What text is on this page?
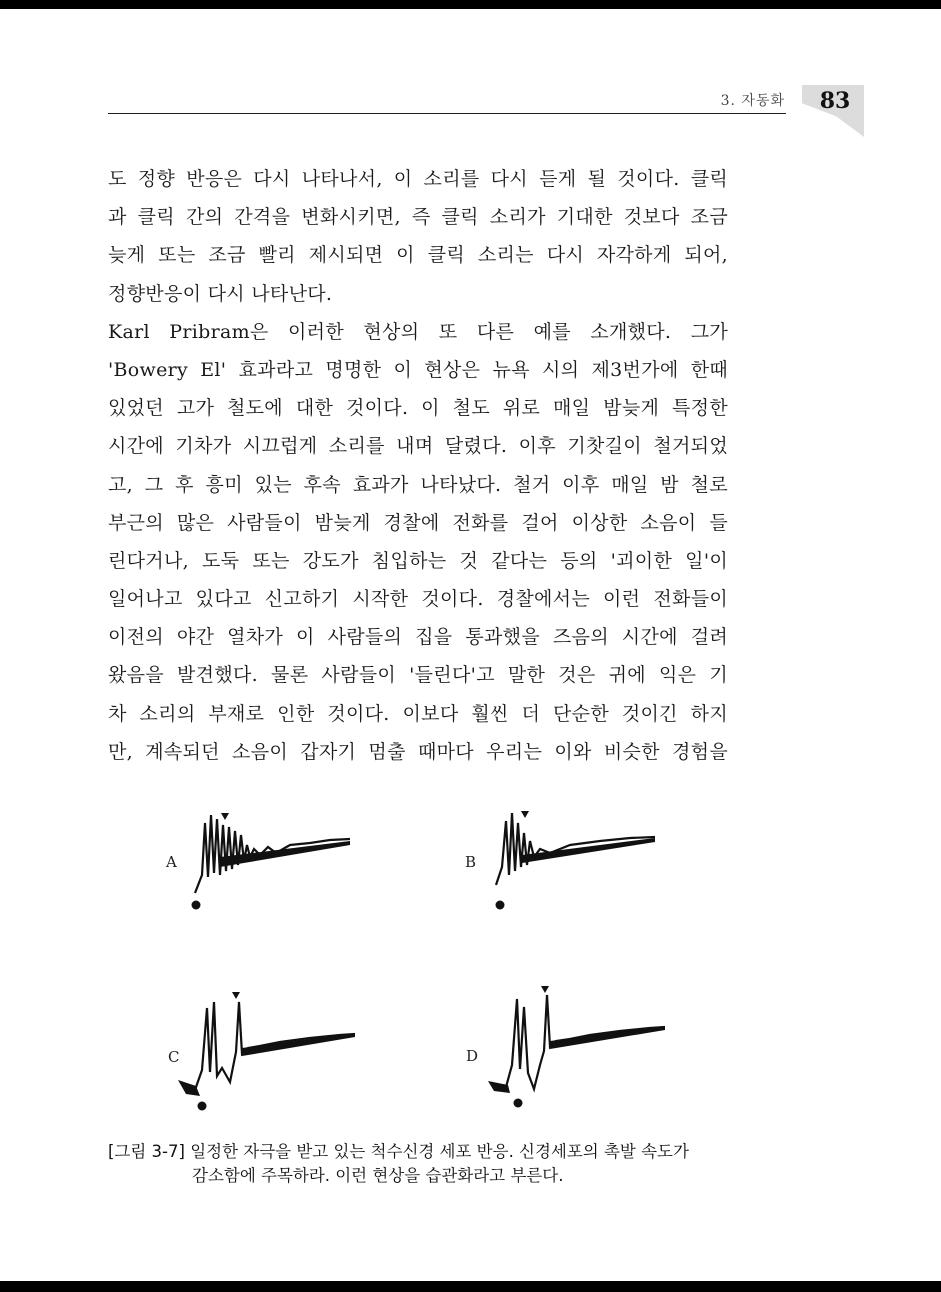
3. 자동화	83
도 정향 반응은 다시 나타나서, 이 소리를 다시 듣게 될 것이다. 클릭
과 클릭 간의 간격을 변화시키면, 즉 클릭 소리가 기대한 것보다 조금
늦게 또는 조금 빨리 제시되면 이 클릭 소리는 다시 자각하게 되어,
정향반응이 다시 나타난다.
Karl Pribram은 이러한 현상의 또 다른 예를 소개했다. 그가
'Bowery El' 효과라고 명명한 이 현상은 뉴욕 시의 제3번가에 한때
있었던 고가 철도에 대한 것이다. 이 철도 위로 매일 밤늦게 특정한
시간에 기차가 시끄럽게 소리를 내며 달렸다. 이후 기찻길이 철거되었
고, 그 후 흥미 있는 후속 효과가 나타났다. 철거 이후 매일 밤 철로
부근의 많은 사람들이 밤늦게 경찰에 전화를 걸어 이상한 소음이 들
린다거나, 도둑 또는 강도가 침입하는 것 같다는 등의 '괴이한 일'이
일어나고 있다고 신고하기 시작한 것이다. 경찰에서는 이런 전화들이
이전의 야간 열차가 이 사람들의 집을 통과했을 즈음의 시간에 걸려
왔음을 발견했다. 물론 사람들이 '들린다'고 말한 것은 귀에 익은 기
차 소리의 부재로 인한 것이다. 이보다 훨씬 더 단순한 것이긴 하지
만, 계속되던 소음이 갑자기 멈출 때마다 우리는 이와 비슷한 경험을
A	B
C	D
[그림 3-7] 일정한 자극을 받고 있는 척수신경 세포 반응. 신경세포의 촉발 속도가
감소함에 주목하라. 이런 현상을 습관화라고 부른다.
